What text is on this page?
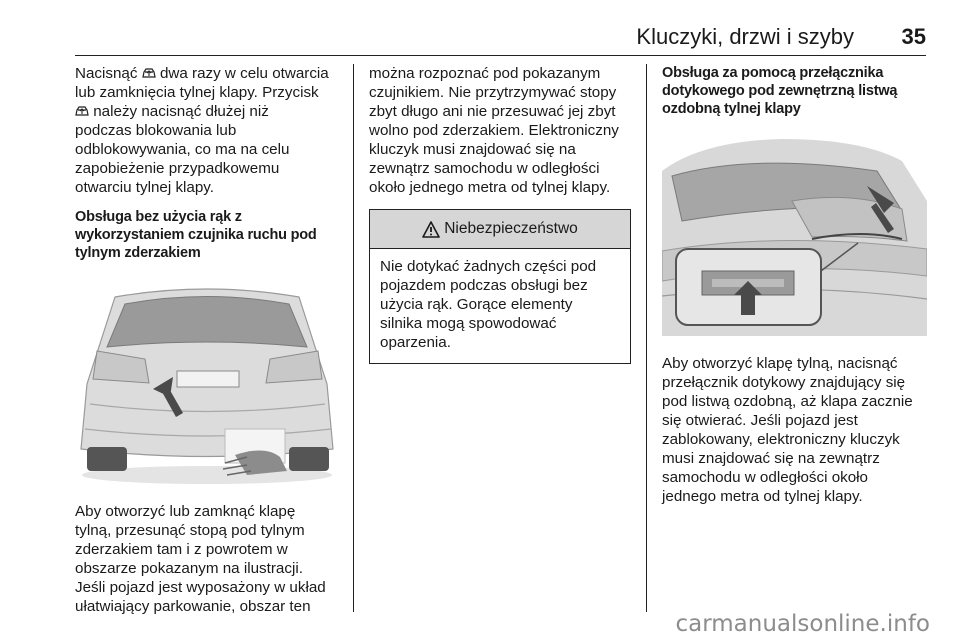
Kluczyki, drzwi i szyby 35

Nacisnąć dwa razy w celu otwarcia
lub zamknięcia tylnej klapy. Przycisk
należy nacisnąć dłużej niż
podczas blokowania lub
odblokowywania, co ma na celu
zapobieżenie przypadkowemu
otwarciu tylnej klapy.

Obsługa bez użycia rąk z
wykorzystaniem czujnika ruchu pod
tylnym zderzakiem

Aby otworzyć lub zamknąć klapę
tylną, przesunąć stopą pod tylnym
zderzakiem tam i z powrotem w
obszarze pokazanym na ilustracji.
Jeśli pojazd jest wyposażony w układ
ułatwiający parkowanie, obszar ten

można rozpoznać pod pokazanym
czujnikiem. Nie przytrzymywać stopy
zbyt długo ani nie przesuwać jej zbyt
wolno pod zderzakiem. Elektroniczny
kluczyk musi znajdować się na
zewnątrz samochodu w odległości
około jednego metra od tylnej klapy.

Niebezpieczeństwo

Nie dotykać żadnych części pod
pojazdem podczas obsługi bez
użycia rąk. Gorące elementy
silnika mogą spowodować
oparzenia.

Obsługa za pomocą przełącznika
dotykowego pod zewnętrzną listwą
ozdobną tylnej klapy

Aby otworzyć klapę tylną, nacisnąć
przełącznik dotykowy znajdujący się
pod listwą ozdobną, aż klapa zacznie
się otwierać. Jeśli pojazd jest
zablokowany, elektroniczny kluczyk
musi znajdować się na zewnątrz
samochodu w odległości około
jednego metra od tylnej klapy.

carmanualsonline.info
